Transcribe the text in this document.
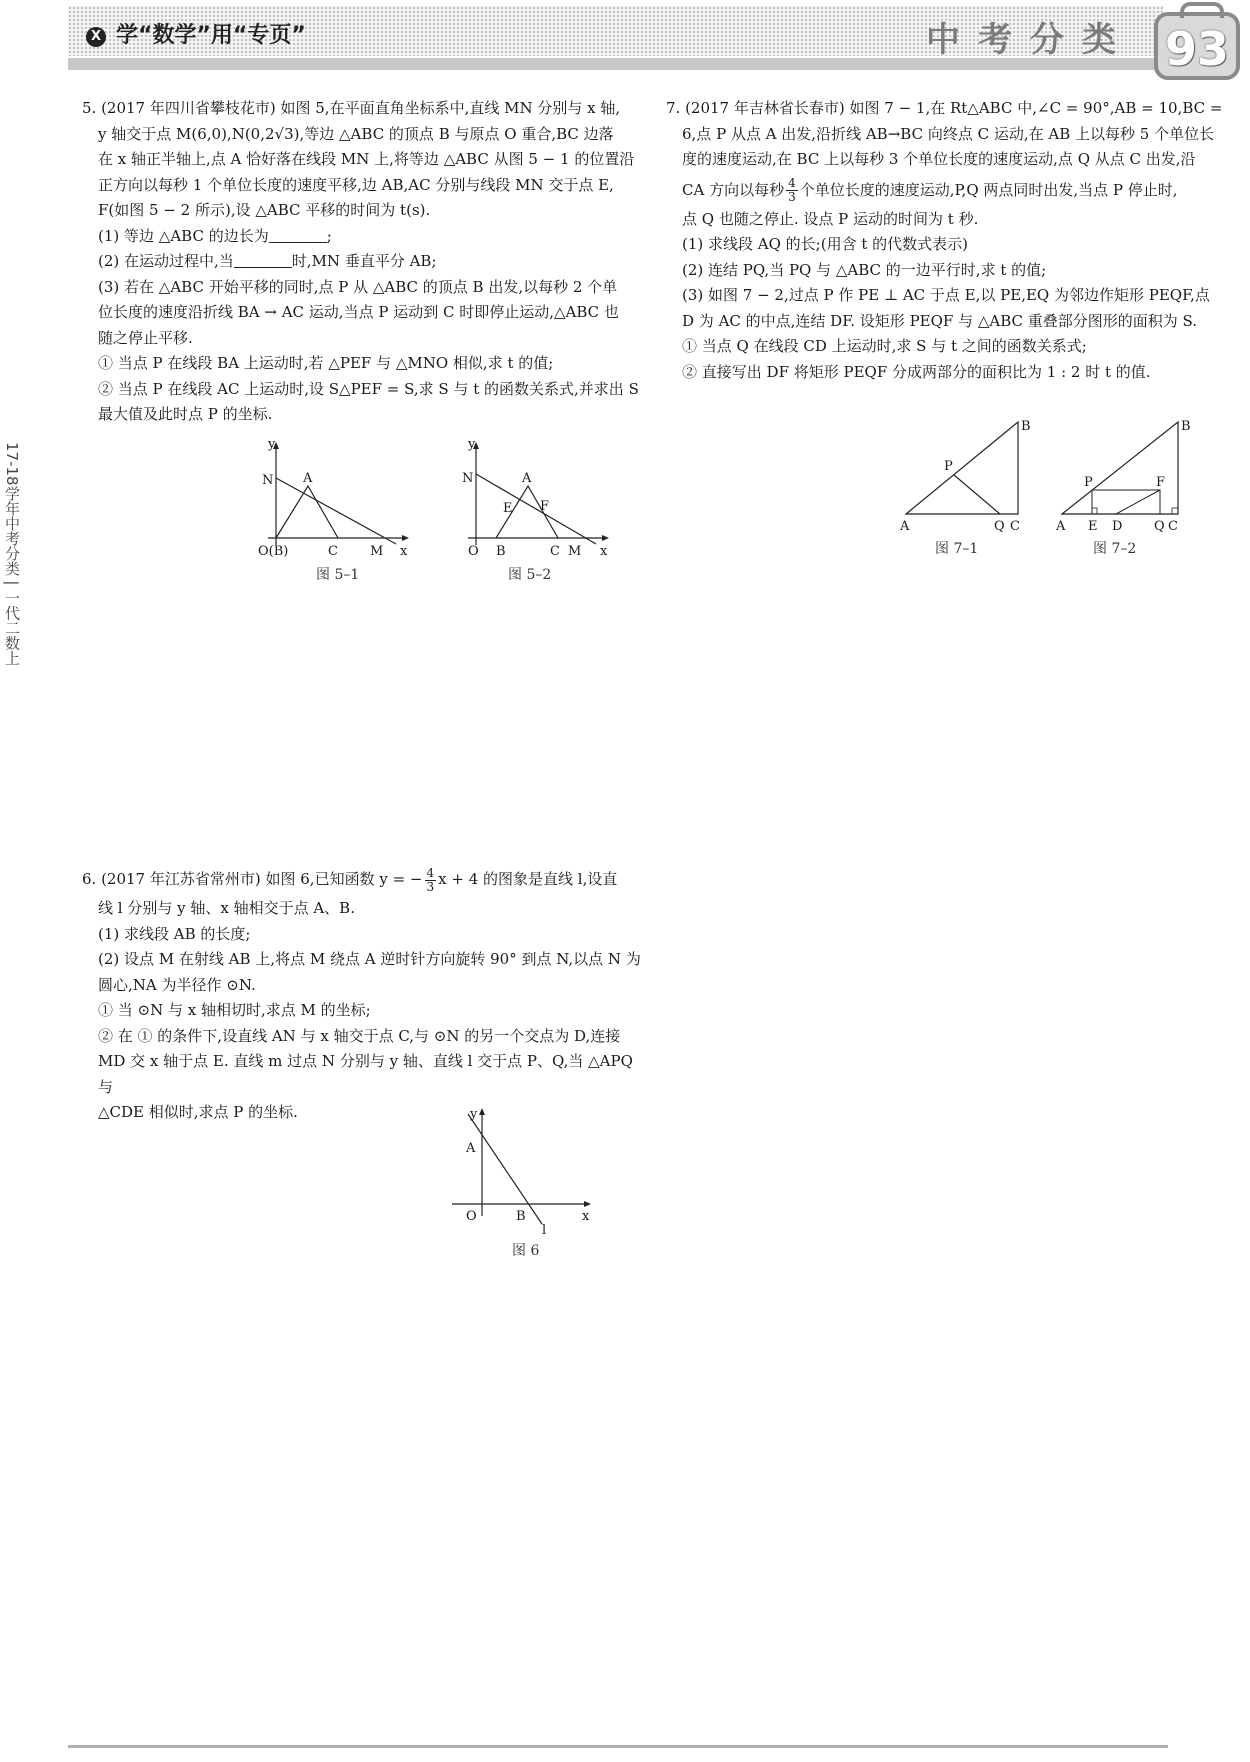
X 学“数学”用“专页”	中考分类 93
17-18学年中考分类 | 一代二数上

5. (2017 年四川省攀枝花市) 如图 5,在平面直角坐标系中,直线 MN 分别与 x 轴,

y 轴交于点 M(6,0),N(0,2√3),等边 △ABC 的顶点 B 与原点 O 重合,BC 边落

在 x 轴正半轴上,点 A 恰好落在线段 MN 上,将等边 △ABC 从图 5 − 1 的位置沿

正方向以每秒 1 个单位长度的速度平移,边 AB,AC 分别与线段 MN 交于点 E,

F(如图 5 − 2 所示),设 △ABC 平移的时间为 t(s).

(1) 等边 △ABC 的边长为	;

(2) 在运动过程中,当	时,MN 垂直平分 AB;

(3) 若在 △ABC 开始平移的同时,点 P 从 △ABC 的顶点 B 出发,以每秒 2 个单

位长度的速度沿折线 BA → AC 运动,当点 P 运动到 C 时即停止运动,△ABC 也

随之停止平移.

① 当点 P 在线段 BA 上运动时,若 △PEF 与 △MNO 相似,求 t 的值;

② 当点 P 在线段 AC 上运动时,设 S△PEF = S,求 S 与 t 的函数关系式,并求出 S

最大值及此时点 P 的坐标.

y
N A
O(B)	C M x
图 5–1
y
N	A
E F
O B	C M x
图 5–2

7. (2017 年吉林省长春市) 如图 7 − 1,在 Rt△ABC 中,∠C = 90°,AB = 10,BC =

6,点 P 从点 A 出发,沿折线 AB→BC 向终点 C 运动,在 AB 上以每秒 5 个单位长

度的速度运动,在 BC 上以每秒 3 个单位长度的速度运动,点 Q 从点 C 出发,沿

CA 方向以每秒 $\frac{4}{3}$ 个单位长度的速度运动,P,Q 两点同时出发,当点 P 停止时,

点 Q 也随之停止. 设点 P 运动的时间为 t 秒.

(1) 求线段 AQ 的长;(用含 t 的代数式表示)

(2) 连结 PQ,当 PQ 与 △ABC 的一边平行时,求 t 的值;

(3) 如图 7 − 2,过点 P 作 PE ⊥ AC 于点 E,以 PE,EQ 为邻边作矩形 PEQF,点

D 为 AC 的中点,连结 DF. 设矩形 PEQF 与 △ABC 重叠部分图形的面积为 S.

① 当点 Q 在线段 CD 上运动时,求 S 与 t 之间的函数关系式;

② 直接写出 DF 将矩形 PEQF 分成两部分的面积比为 1 : 2 时 t 的值.

A
B
P
Q C
图 7–1
A
B
P	F
E D Q C
图 7–2

6. (2017 年江苏省常州市) 如图 6,已知函数 y = − $\frac{4}{3}$ x + 4 的图象是直线 l,设直

线 l 分别与 y 轴、x 轴相交于点 A、B.

(1) 求线段 AB 的长度;

(2) 设点 M 在射线 AB 上,将点 M 绕点 A 逆时针方向旋转 90° 到点 N,以点 N 为

圆心,NA 为半径作 ⊙N.

① 当 ⊙N 与 x 轴相切时,求点 M 的坐标;

② 在 ① 的条件下,设直线 AN 与 x 轴交于点 C,与 ⊙N 的另一个交点为 D,连接

MD 交 x 轴于点 E. 直线 m 过点 N 分别与 y 轴、直线 l 交于点 P、Q,当 △APQ 与

△CDE 相似时,求点 P 的坐标.	y
A
O	B
l
x
图 6
